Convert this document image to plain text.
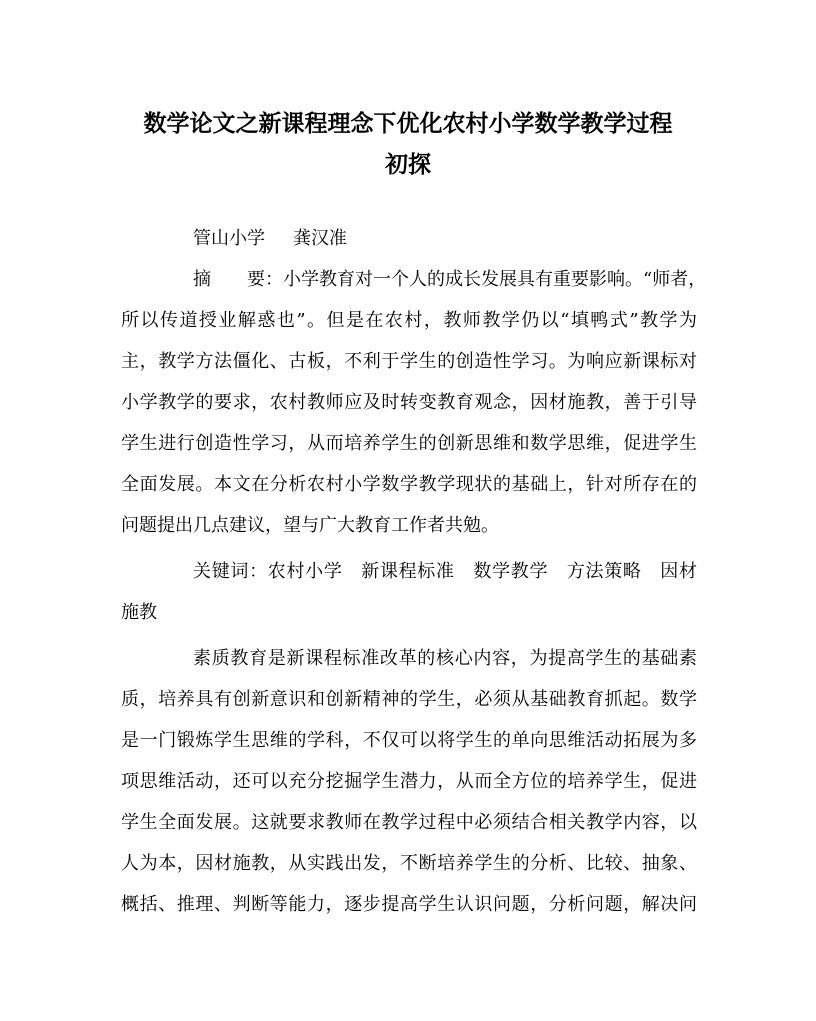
数学论文之新课程理念下优化农村小学数学教学过程
初探
管山小学 龚汉准
摘　　要：小学教育对一个人的成长发展具有重要影响。“师者，
所以传道授业解惑也”。但是在农村，教师教学仍以“填鸭式”教学为
主，教学方法僵化、古板，不利于学生的创造性学习。为响应新课标对
小学教学的要求，农村教师应及时转变教育观念，因材施教，善于引导
学生进行创造性学习，从而培养学生的创新思维和数学思维，促进学生
全面发展。本文在分析农村小学数学教学现状的基础上，针对所存在的
问题提出几点建议，望与广大教育工作者共勉。
关键词：农村小学　新课程标准　数学教学　方法策略　因材
施教
素质教育是新课程标准改革的核心内容，为提高学生的基础素
质，培养具有创新意识和创新精神的学生，必须从基础教育抓起。数学
是一门锻炼学生思维的学科，不仅可以将学生的单向思维活动拓展为多
项思维活动，还可以充分挖掘学生潜力，从而全方位的培养学生，促进
学生全面发展。这就要求教师在教学过程中必须结合相关教学内容，以
人为本，因材施教，从实践出发，不断培养学生的分析、比较、抽象、
概括、推理、判断等能力，逐步提高学生认识问题，分析问题，解决问
